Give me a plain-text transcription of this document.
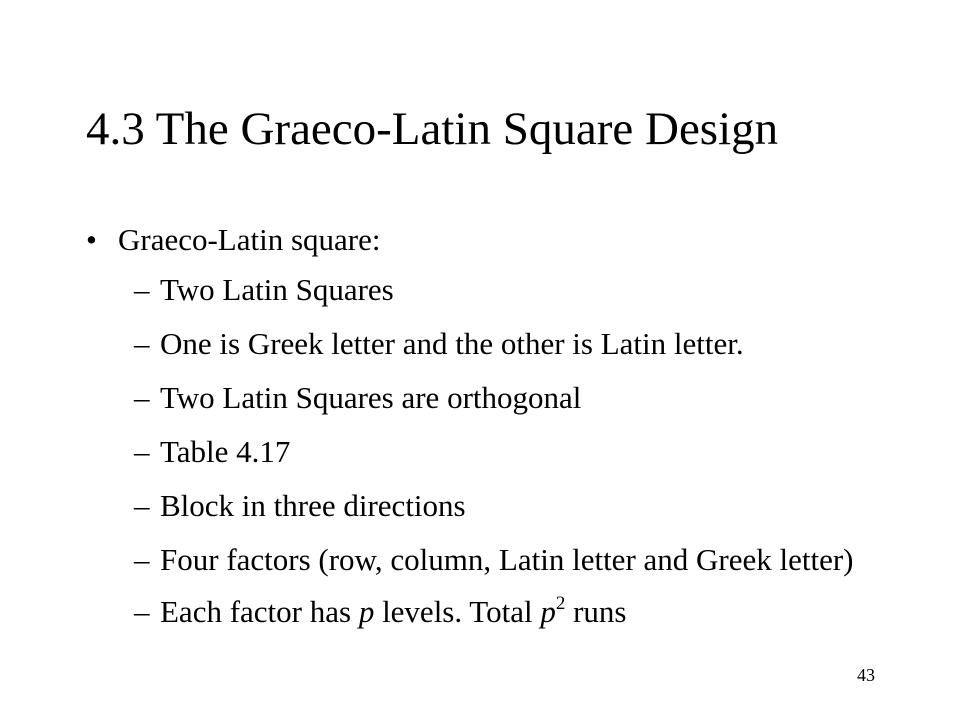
4.3 The Graeco-Latin Square Design
• Graeco-Latin square:
– Two Latin Squares
– One is Greek letter and the other is Latin letter.
– Two Latin Squares are orthogonal
– Table 4.17
– Block in three directions
– Four factors (row, column, Latin letter and Greek letter)
– Each factor has p levels. Total $p^2$ runs
43
